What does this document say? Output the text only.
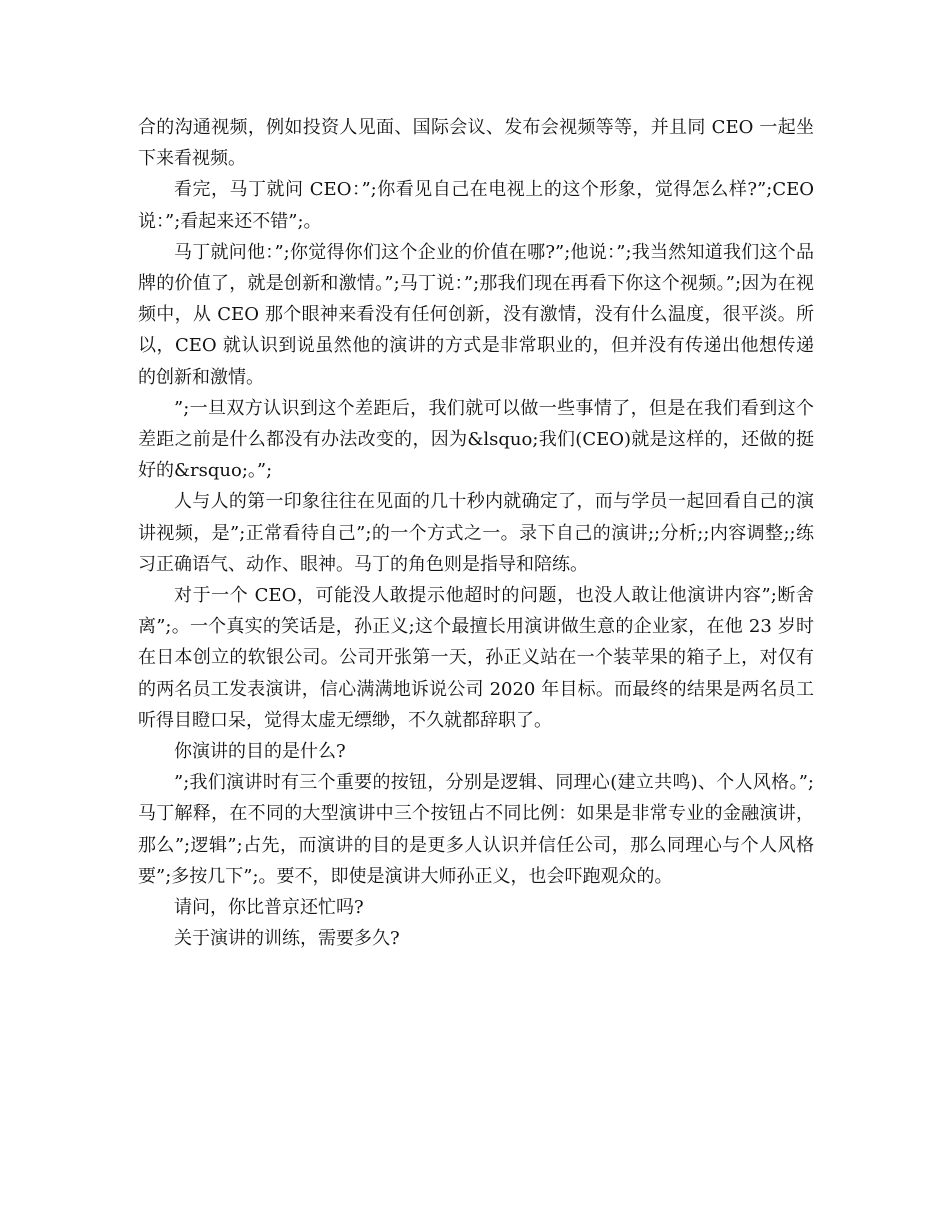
合的沟通视频，例如投资人见面、国际会议、发布会视频等等，并且同 CEO 一起坐下来看视频。

看完，马丁就问 CEO：”;你看见自己在电视上的这个形象，觉得怎么样?”;CEO 说：”;看起来还不错”;。

马丁就问他：”;你觉得你们这个企业的价值在哪?”;他说：”;我当然知道我们这个品牌的价值了，就是创新和激情。”;马丁说：”;那我们现在再看下你这个视频。”;因为在视频中，从 CEO 那个眼神来看没有任何创新，没有激情，没有什么温度，很平淡。所以，CEO 就认识到说虽然他的演讲的方式是非常职业的，但并没有传递出他想传递的创新和激情。

”;一旦双方认识到这个差距后，我们就可以做一些事情了，但是在我们看到这个差距之前是什么都没有办法改变的，因为&lsquo;我们(CEO)就是这样的，还做的挺好的&rsquo;。”;

人与人的第一印象往往在见面的几十秒内就确定了，而与学员一起回看自己的演讲视频，是”;正常看待自己”;的一个方式之一。录下自己的演讲;;分析;;内容调整;;练习正确语气、动作、眼神。马丁的角色则是指导和陪练。

对于一个 CEO，可能没人敢提示他超时的问题，也没人敢让他演讲内容”;断舍离”;。一个真实的笑话是，孙正义;这个最擅长用演讲做生意的企业家，在他 23 岁时在日本创立的软银公司。公司开张第一天，孙正义站在一个装苹果的箱子上，对仅有的两名员工发表演讲，信心满满地诉说公司 2020 年目标。而最终的结果是两名员工听得目瞪口呆，觉得太虚无缥缈，不久就都辞职了。

你演讲的目的是什么?

”;我们演讲时有三个重要的按钮，分别是逻辑、同理心(建立共鸣)、个人风格。”;马丁解释，在不同的大型演讲中三个按钮占不同比例：如果是非常专业的金融演讲，那么”;逻辑”;占先，而演讲的目的是更多人认识并信任公司，那么同理心与个人风格要”;多按几下”;。要不，即使是演讲大师孙正义，也会吓跑观众的。

请问，你比普京还忙吗?

关于演讲的训练，需要多久?
